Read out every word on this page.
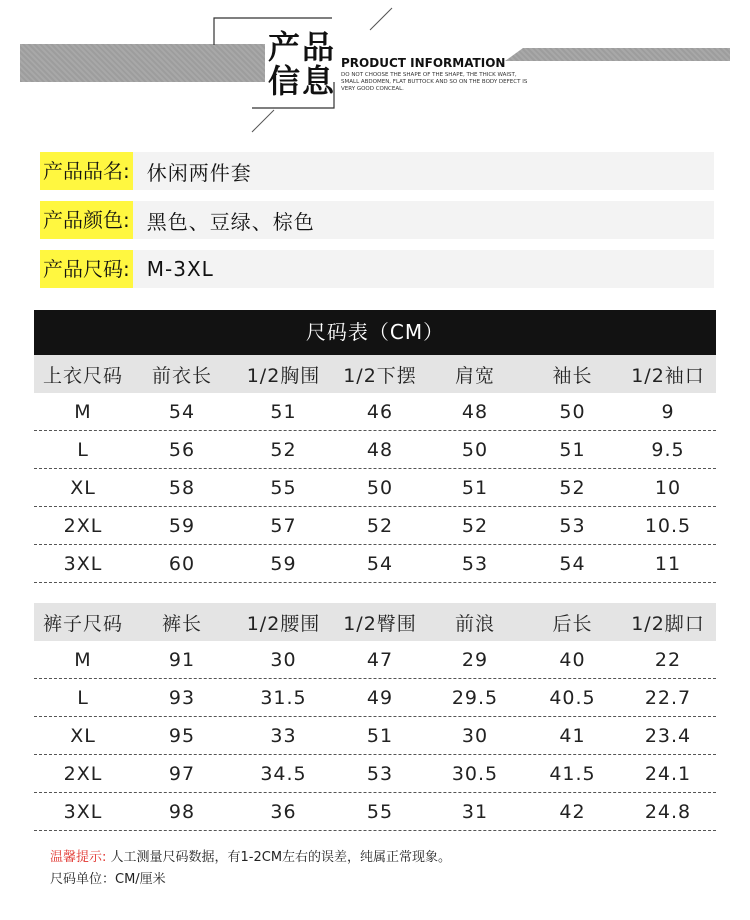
产品
信息 PRODUCT INFORMATION
DO NOT CHOOSE THE SHAPE OF THE SHAPE, THE THICK WAIST, SMALL ABDOMEN, FLAT BUTTOCK AND SO ON THE BODY DEFECT IS VERY GOOD CONCEAL.
产品品名: 休闲两件套
产品颜色: 黑色、豆绿、棕色
产品尺码: M-3XL
尺码表（CM）
上衣尺码	前衣长	1/2胸围	1/2下摆	肩宽	袖长	1/2袖口
M	54	51	46	48	50	9
L	56	52	48	50	51	9.5
XL	58	55	50	51	52	10
2XL	59	57	52	52	53	10.5
3XL	60	59	54	53	54	11
裤子尺码	裤长	1/2腰围	1/2臀围	前浪	后长	1/2脚口
M	91	30	47	29	40	22
L	93	31.5	49	29.5	40.5	22.7
XL	95	33	51	30	41	23.4
2XL	97	34.5	53	30.5	41.5	24.1
3XL	98	36	55	31	42	24.8
温馨提示: 人工测量尺码数据，有1-2CM左右的误差，纯属正常现象。
尺码单位：CM/厘米
